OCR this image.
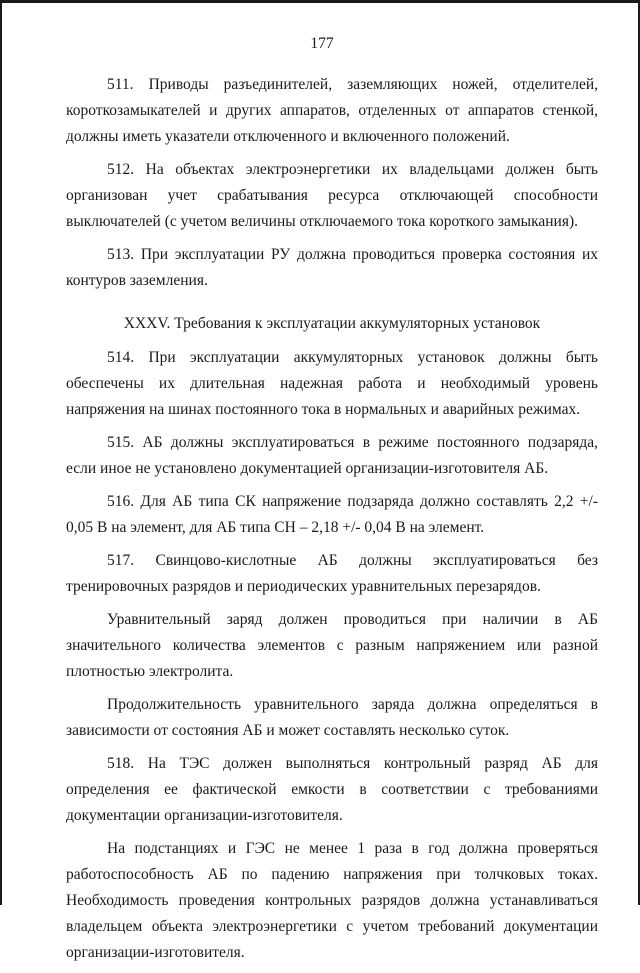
177

511. Приводы разъединителей, заземляющих ножей, отделителей, короткозамыкателей и других аппаратов, отделенных от аппаратов стенкой, должны иметь указатели отключенного и включенного положений.

512. На объектах электроэнергетики их владельцами должен быть организован учет срабатывания ресурса отключающей способности выключателей (с учетом величины отключаемого тока короткого замыкания).

513. При эксплуатации РУ должна проводиться проверка состояния их контуров заземления.

XXXV. Требования к эксплуатации аккумуляторных установок

514. При эксплуатации аккумуляторных установок должны быть обеспечены их длительная надежная работа и необходимый уровень напряжения на шинах постоянного тока в нормальных и аварийных режимах.

515. АБ должны эксплуатироваться в режиме постоянного подзаряда, если иное не установлено документацией организации-изготовителя АБ.

516. Для АБ типа СК напряжение подзаряда должно составлять 2,2 +/- 0,05 В на элемент, для АБ типа СН – 2,18 +/- 0,04 В на элемент.

517. Свинцово-кислотные АБ должны эксплуатироваться без тренировочных разрядов и периодических уравнительных перезарядов.

Уравнительный заряд должен проводиться при наличии в АБ значительного количества элементов с разным напряжением или разной плотностью электролита.

Продолжительность уравнительного заряда должна определяться в зависимости от состояния АБ и может составлять несколько суток.

518. На ТЭС должен выполняться контрольный разряд АБ для определения ее фактической емкости в соответствии с требованиями документации организации-изготовителя.

На подстанциях и ГЭС не менее 1 раза в год должна проверяться работоспособность АБ по падению напряжения при толчковых токах. Необходимость проведения контрольных разрядов должна устанавливаться владельцем объекта электроэнергетики с учетом требований документации организации-изготовителя.
